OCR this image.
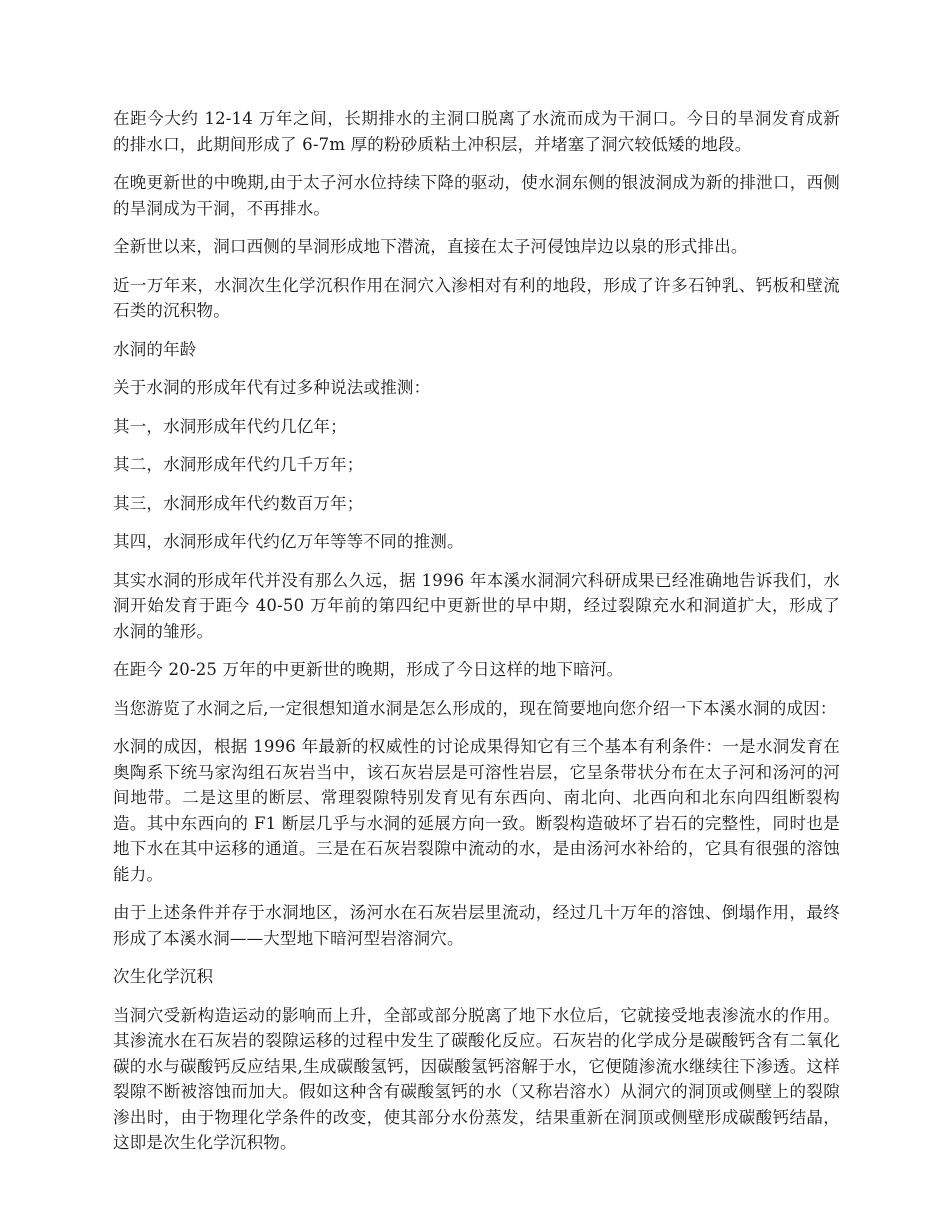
在距今大约 12-14 万年之间，长期排水的主洞口脱离了水流而成为干洞口。今日的旱洞发育成新的排水口，此期间形成了 6-7m 厚的粉砂质粘土冲积层，并堵塞了洞穴较低矮的地段。

在晚更新世的中晚期,由于太子河水位持续下降的驱动，使水洞东侧的银波洞成为新的排泄口，西侧的旱洞成为干洞，不再排水。

全新世以来，洞口西侧的旱洞形成地下潜流，直接在太子河侵蚀岸边以泉的形式排出。

近一万年来，水洞次生化学沉积作用在洞穴入渗相对有利的地段，形成了许多石钟乳、钙板和壁流石类的沉积物。

水洞的年龄

关于水洞的形成年代有过多种说法或推测：

其一，水洞形成年代约几亿年；

其二，水洞形成年代约几千万年；

其三，水洞形成年代约数百万年；

其四，水洞形成年代约亿万年等等不同的推测。

其实水洞的形成年代并没有那么久远，据 1996 年本溪水洞洞穴科研成果已经准确地告诉我们，水洞开始发育于距今 40-50 万年前的第四纪中更新世的早中期，经过裂隙充水和洞道扩大，形成了水洞的雏形。

在距今 20-25 万年的中更新世的晚期，形成了今日这样的地下暗河。

当您游览了水洞之后,一定很想知道水洞是怎么形成的，现在简要地向您介绍一下本溪水洞的成因：

水洞的成因，根据 1996 年最新的权威性的讨论成果得知它有三个基本有利条件：一是水洞发育在奥陶系下统马家沟组石灰岩当中，该石灰岩层是可溶性岩层，它呈条带状分布在太子河和汤河的河间地带。二是这里的断层、常理裂隙特别发育见有东西向、南北向、北西向和北东向四组断裂构造。其中东西向的 F1 断层几乎与水洞的延展方向一致。断裂构造破坏了岩石的完整性，同时也是地下水在其中运移的通道。三是在石灰岩裂隙中流动的水，是由汤河水补给的，它具有很强的溶蚀能力。

由于上述条件并存于水洞地区，汤河水在石灰岩层里流动，经过几十万年的溶蚀、倒塌作用，最终形成了本溪水洞——大型地下暗河型岩溶洞穴。

次生化学沉积

当洞穴受新构造运动的影响而上升，全部或部分脱离了地下水位后，它就接受地表渗流水的作用。其渗流水在石灰岩的裂隙运移的过程中发生了碳酸化反应。石灰岩的化学成分是碳酸钙含有二氧化碳的水与碳酸钙反应结果,生成碳酸氢钙，因碳酸氢钙溶解于水，它便随渗流水继续往下渗透。这样裂隙不断被溶蚀而加大。假如这种含有碳酸氢钙的水（又称岩溶水）从洞穴的洞顶或侧壁上的裂隙渗出时，由于物理化学条件的改变，使其部分水份蒸发，结果重新在洞顶或侧壁形成碳酸钙结晶，这即是次生化学沉积物。
